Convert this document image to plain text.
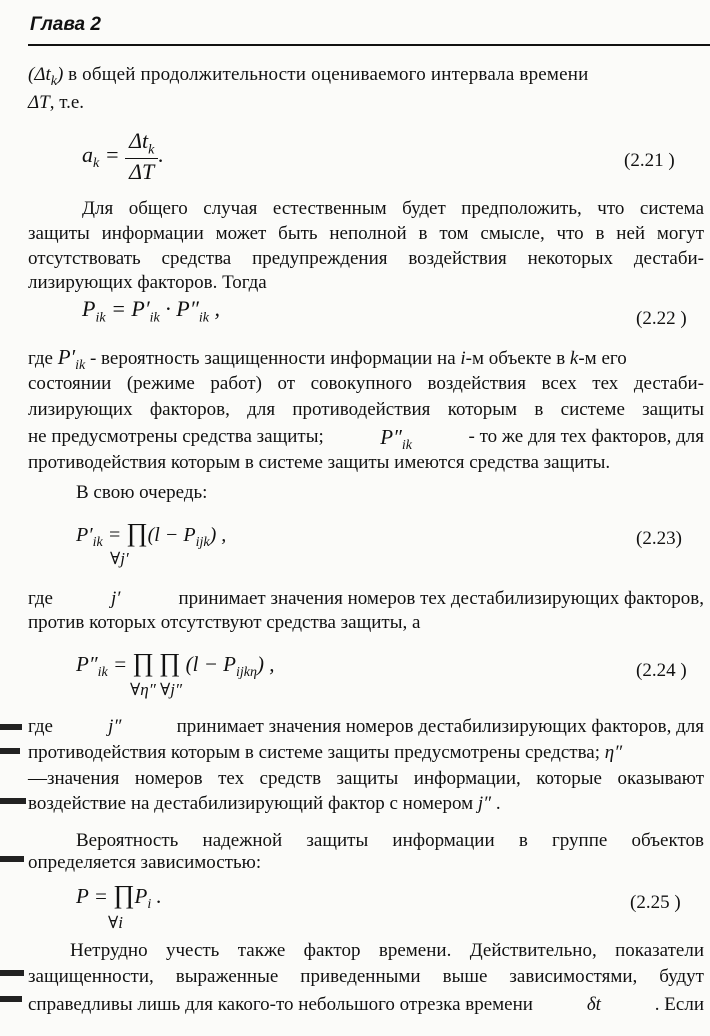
Глава 2
$(\Delta t_k)$ в общей продолжительности оцениваемого интервала времени
ΔT, т.е.
$a_k = \frac{\Delta t_k}{\Delta T}$ .	(2.21 )
Для общего случая естественным будет предположить, что система
защиты информации может быть неполной в том смысле, что в ней могут
отсутствовать средства предупреждения воздействия некоторых дестаби-
лизирующих факторов. Тогда
$P_{ik} = P'_{ik} \cdot P''_{ik}$ ,	(2.22 )
где $P'_{ik}$ - вероятность защищенности информации на i-м объекте в k-м его
состоянии (режиме работ) от совокупного воздействия всех тех дестаби-
лизирующих факторов, для противодействия которым в системе защиты
не предусмотрены средства защиты;	$P''_{ik}$	- то же для тех факторов, для
противодействия которым в системе защиты имеются средства защиты.
В свою очередь:
$P'_{ik}$ = ∏(l − $P_{ijk}$) ,
∀j′
(2.23)
где	j′	принимает значения номеров тех дестабилизирующих факторов,
против которых отсутствуют средства защиты, а
$P''_{ik}$ = ∏ ∏ $(l - P_{ijk\eta})$ ,
∀η″ ∀j″
(2.24 )
где	j″	принимает значения номеров дестабилизирующих факторов, для
противодействия которым в системе защиты предусмотрены средства; η″
—значения номеров тех средств защиты информации, которые оказывают
воздействие на дестабилизирующий фактор с номером j″ .
Вероятность надежной защиты информации в группе объектов
определяется зависимостью:
$P = \prod P_i$ .
∀i
(2.25 )
Нетрудно учесть также фактор времени. Действительно, показатели
защищенности, выраженные приведенными выше зависимостями, будут
справедливы лишь для какого-то небольшого отрезка времени	δt	. Если
